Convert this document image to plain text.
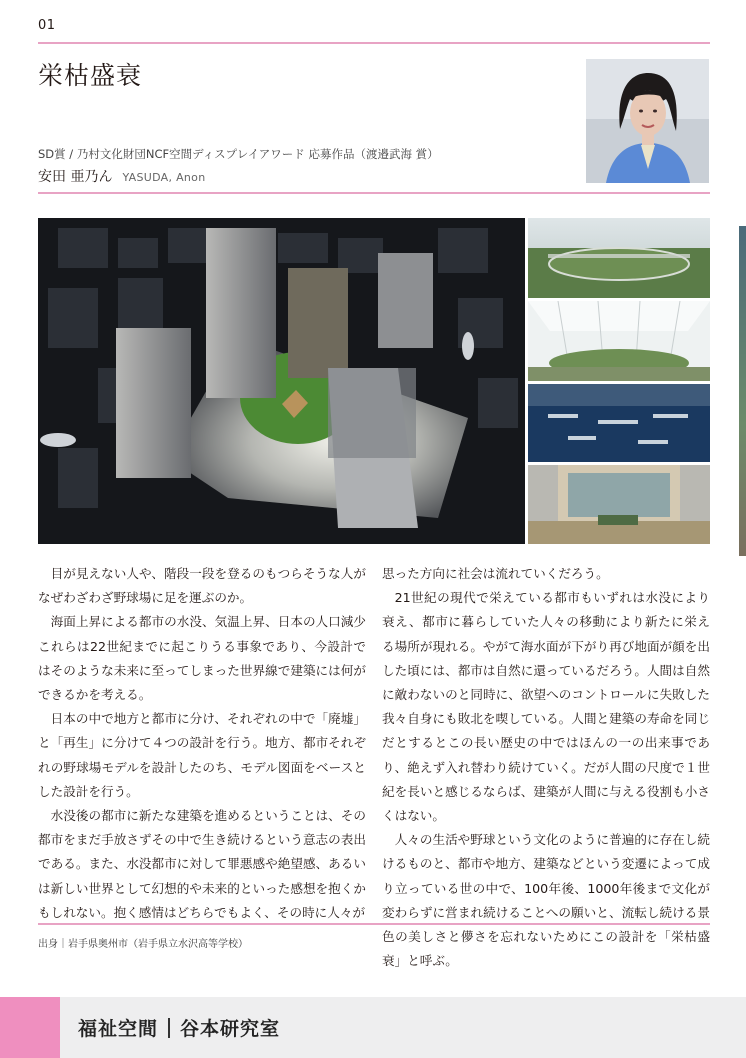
01
栄枯盛衰
SD賞 / 乃村文化財団NCF空間ディスプレイアワード 応募作品（渡邉武海 賞）
安田 亜乃ん YASUDA, Anon

目が見えない人や、階段一段を登るのもつらそうな人がなぜわざわざ野球場に足を運ぶのか。

海面上昇による都市の水没、気温上昇、日本の人口減少これらは22世紀までに起こりうる事象であり、今設計ではそのような未来に至ってしまった世界線で建築には何ができるかを考える。

日本の中で地方と都市に分け、それぞれの中で「廃墟」と「再生」に分けて４つの設計を行う。地方、都市それぞれの野球場モデルを設計したのち、モデル図面をベースとした設計を行う。

水没後の都市に新たな建築を進めるということは、その都市をまだ手放さずその中で生き続けるという意志の表出である。また、水没都市に対して罪悪感や絶望感、あるいは新しい世界として幻想的や未来的といった感想を抱くかもしれない。抱く感情はどちらでもよく、その時に人々が

思った方向に社会は流れていくだろう。

21世紀の現代で栄えている都市もいずれは水没により衰え、都市に暮らしていた人々の移動により新たに栄える場所が現れる。やがて海水面が下がり再び地面が顔を出した頃には、都市は自然に還っているだろう。人間は自然に敵わないのと同時に、欲望へのコントロールに失敗した我々自身にも敗北を喫している。人間と建築の寿命を同じだとするとこの長い歴史の中ではほんの一の出来事であり、絶えず入れ替わり続けていく。だが人間の尺度で１世紀を長いと感じるならば、建築が人間に与える役割も小さくはない。

人々の生活や野球という文化のように普遍的に存在し続けるものと、都市や地方、建築などという変遷によって成り立っている世の中で、100年後、1000年後まで文化が変わらずに営まれ続けることへの願いと、流転し続ける景色の美しさと儚さを忘れないためにこの設計を「栄枯盛衰」と呼ぶ。

出身｜岩手県奥州市（岩手県立水沢高等学校）
福祉空間 谷本研究室
